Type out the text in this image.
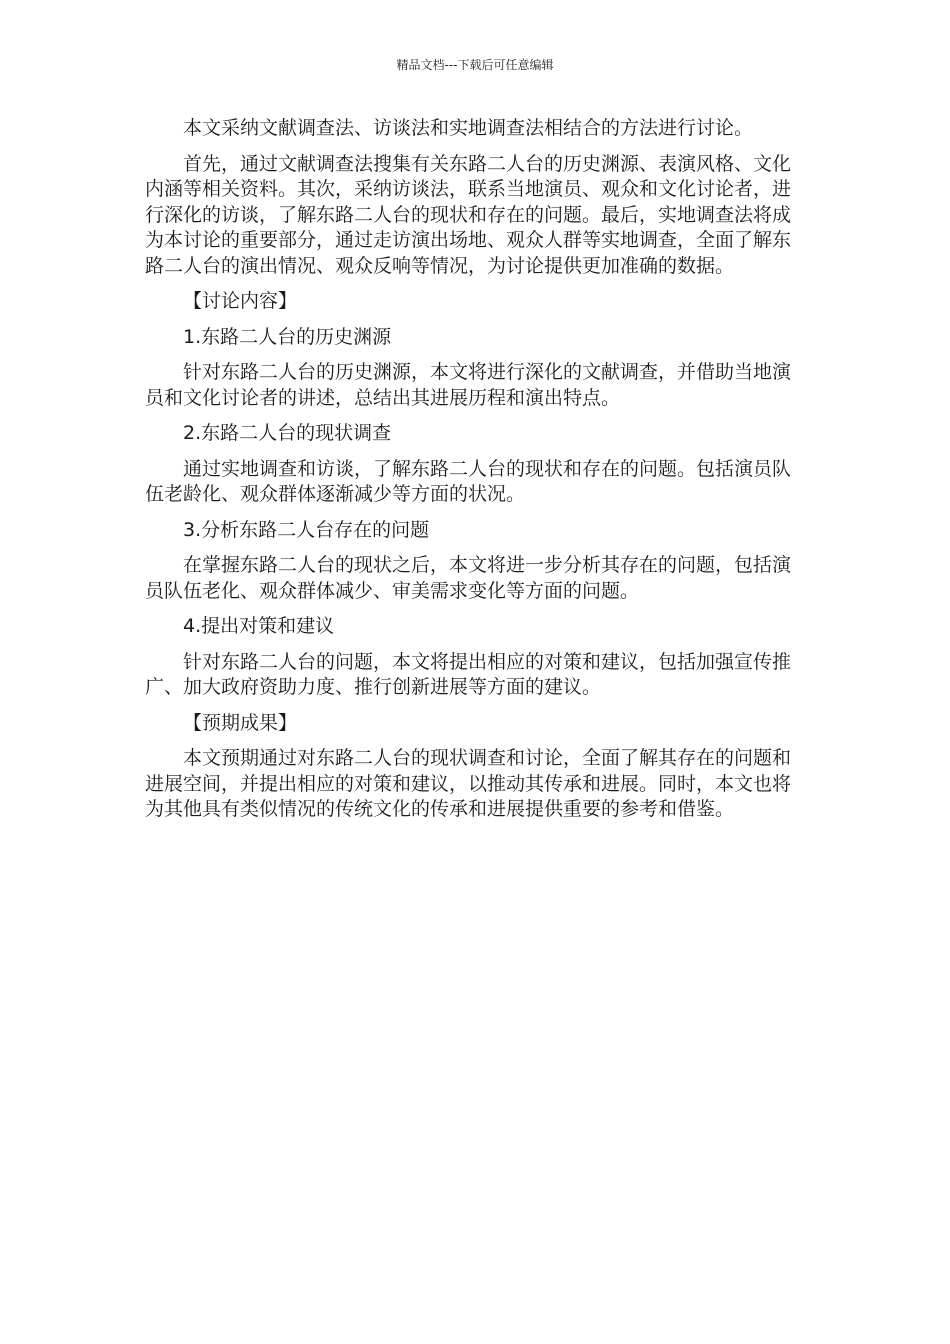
精品文档---下载后可任意编辑

本文采纳文献调查法、访谈法和实地调查法相结合的方法进行讨论。

首先，通过文献调查法搜集有关东路二人台的历史渊源、表演风格、文化内涵等相关资料。其次，采纳访谈法，联系当地演员、观众和文化讨论者，进行深化的访谈，了解东路二人台的现状和存在的问题。最后，实地调查法将成为本讨论的重要部分，通过走访演出场地、观众人群等实地调查，全面了解东路二人台的演出情况、观众反响等情况，为讨论提供更加准确的数据。

【讨论内容】

1.东路二人台的历史渊源

针对东路二人台的历史渊源，本文将进行深化的文献调查，并借助当地演员和文化讨论者的讲述，总结出其进展历程和演出特点。

2.东路二人台的现状调查

通过实地调查和访谈，了解东路二人台的现状和存在的问题。包括演员队伍老龄化、观众群体逐渐减少等方面的状况。

3.分析东路二人台存在的问题

在掌握东路二人台的现状之后，本文将进一步分析其存在的问题，包括演员队伍老化、观众群体减少、审美需求变化等方面的问题。

4.提出对策和建议

针对东路二人台的问题，本文将提出相应的对策和建议，包括加强宣传推广、加大政府资助力度、推行创新进展等方面的建议。

【预期成果】

本文预期通过对东路二人台的现状调查和讨论，全面了解其存在的问题和进展空间，并提出相应的对策和建议，以推动其传承和进展。同时，本文也将为其他具有类似情况的传统文化的传承和进展提供重要的参考和借鉴。
